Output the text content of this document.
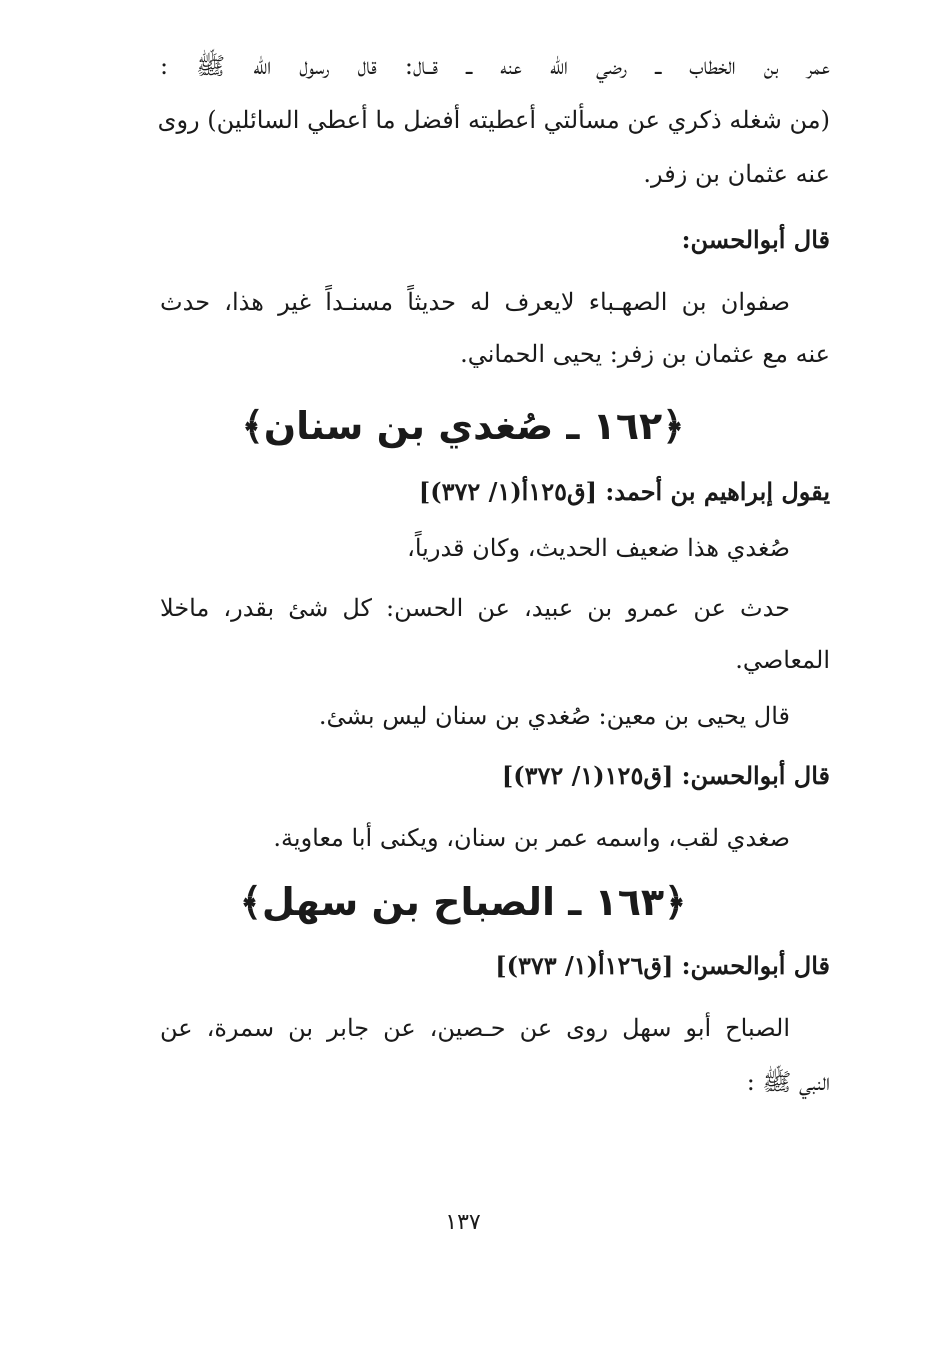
عمر بن الخطاب ــ رضي الله عنه ــ قــال: قال رسول الله ﷺ :
(من شغله ذكري عن مسألتي أعطيته أفضل ما أعطي السائلين) روى
عنه عثمان بن زفر.
قال أبوالحسن:
صفوان بن الصهـباء لايعرف له حديثاً مسنـداً غير هذا، حدث
عنه مع عثمان بن زفر: يحيى الحماني.
﴿١٦٢ ـ صُغدي بن سنان﴾
يقول إبراهيم بن أحمد: [ق١٢٥أ(١/ ٣٧٢)]
صُغدي هذا ضعيف الحديث، وكان قدرياً،
حدث عن عمرو بن عبيد، عن الحسن: كل شئ بقدر، ماخلا
المعاصي.
قال يحيى بن معين: صُغدي بن سنان ليس بشئ.
قال أبوالحسن: [ق١٢٥(١/ ٣٧٢)]
صغدي لقب، واسمه عمر بن سنان، ويكنى أبا معاوية.
﴿١٦٣ ـ الصباح بن سهل﴾
قال أبوالحسن: [ق١٢٦أ(١/ ٣٧٣)]
الصباح أبو سهل روى عن حـصين، عن جابر بن سمرة، عن
النبي ﷺ :
١٣٧
